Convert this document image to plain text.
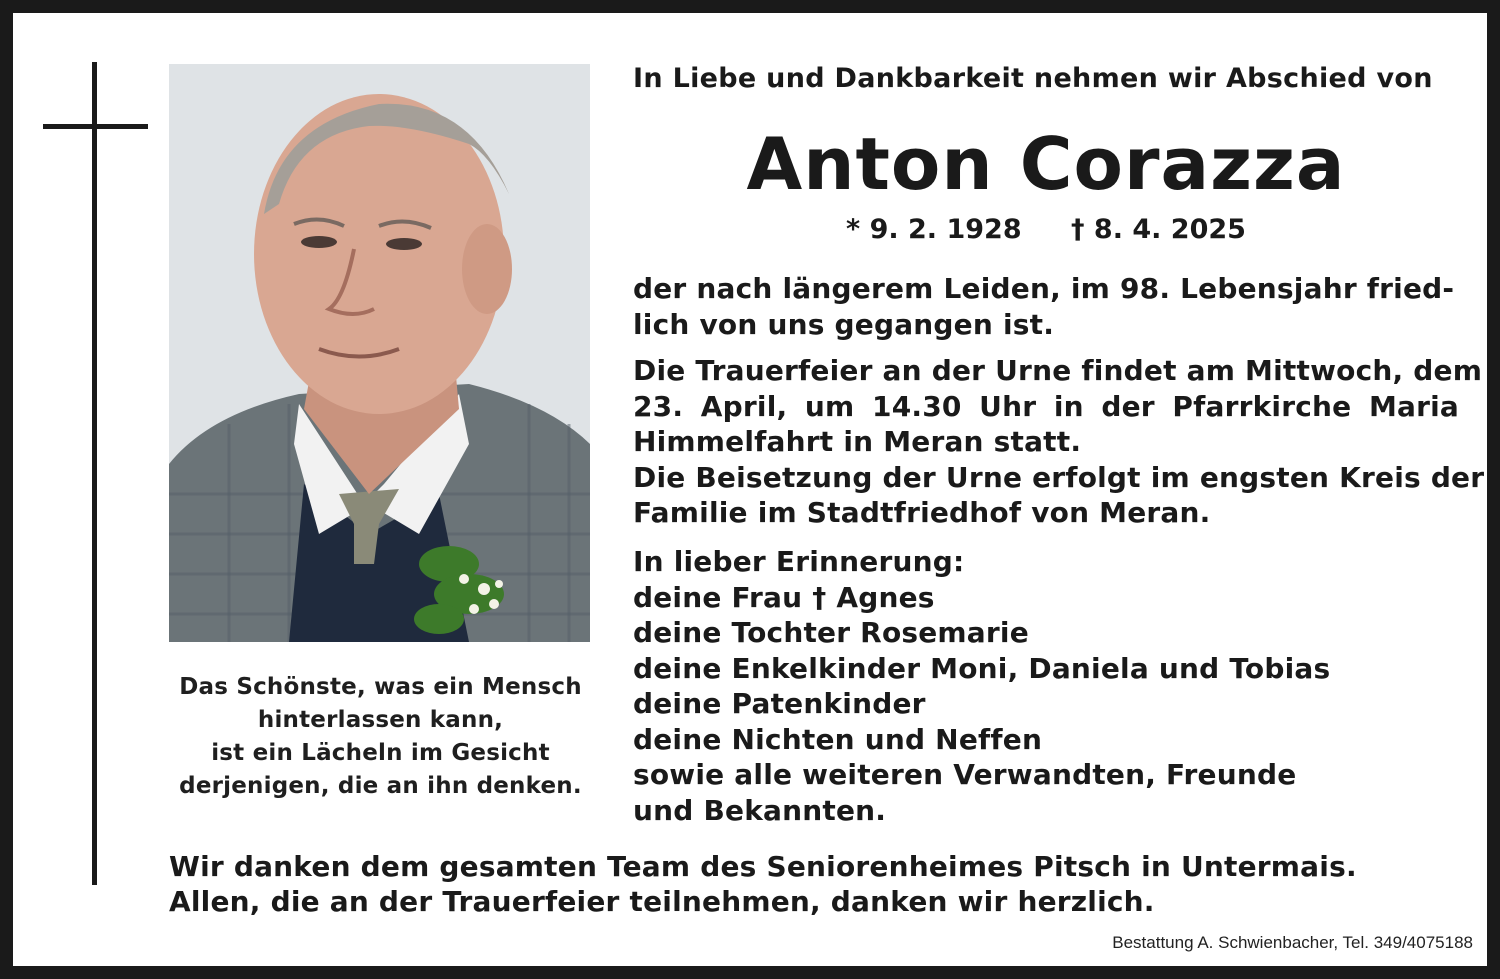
Das Schönste, was ein Mensch
hinterlassen kann,
ist ein Lächeln im Gesicht
derjenigen, die an ihn denken.
In Liebe und Dankbarkeit nehmen wir Abschied von
Anton Corazza
* 9. 2. 1928 † 8. 4. 2025
der nach längerem Leiden, im 98. Lebensjahr fried-
lich von uns gegangen ist.
Die Trauerfeier an der Urne findet am Mittwoch, dem
23. April, um 14.30 Uhr in der Pfarrkirche Maria
Himmelfahrt in Meran statt.
Die Beisetzung der Urne erfolgt im engsten Kreis der
Familie im Stadtfriedhof von Meran.
In lieber Erinnerung:
deine Frau † Agnes
deine Tochter Rosemarie
deine Enkelkinder Moni, Daniela und Tobias
deine Patenkinder
deine Nichten und Neffen
sowie alle weiteren Verwandten, Freunde
und Bekannten.
Wir danken dem gesamten Team des Seniorenheimes Pitsch in Untermais.
Allen, die an der Trauerfeier teilnehmen, danken wir herzlich.
Bestattung A. Schwienbacher, Tel. 349/4075188
